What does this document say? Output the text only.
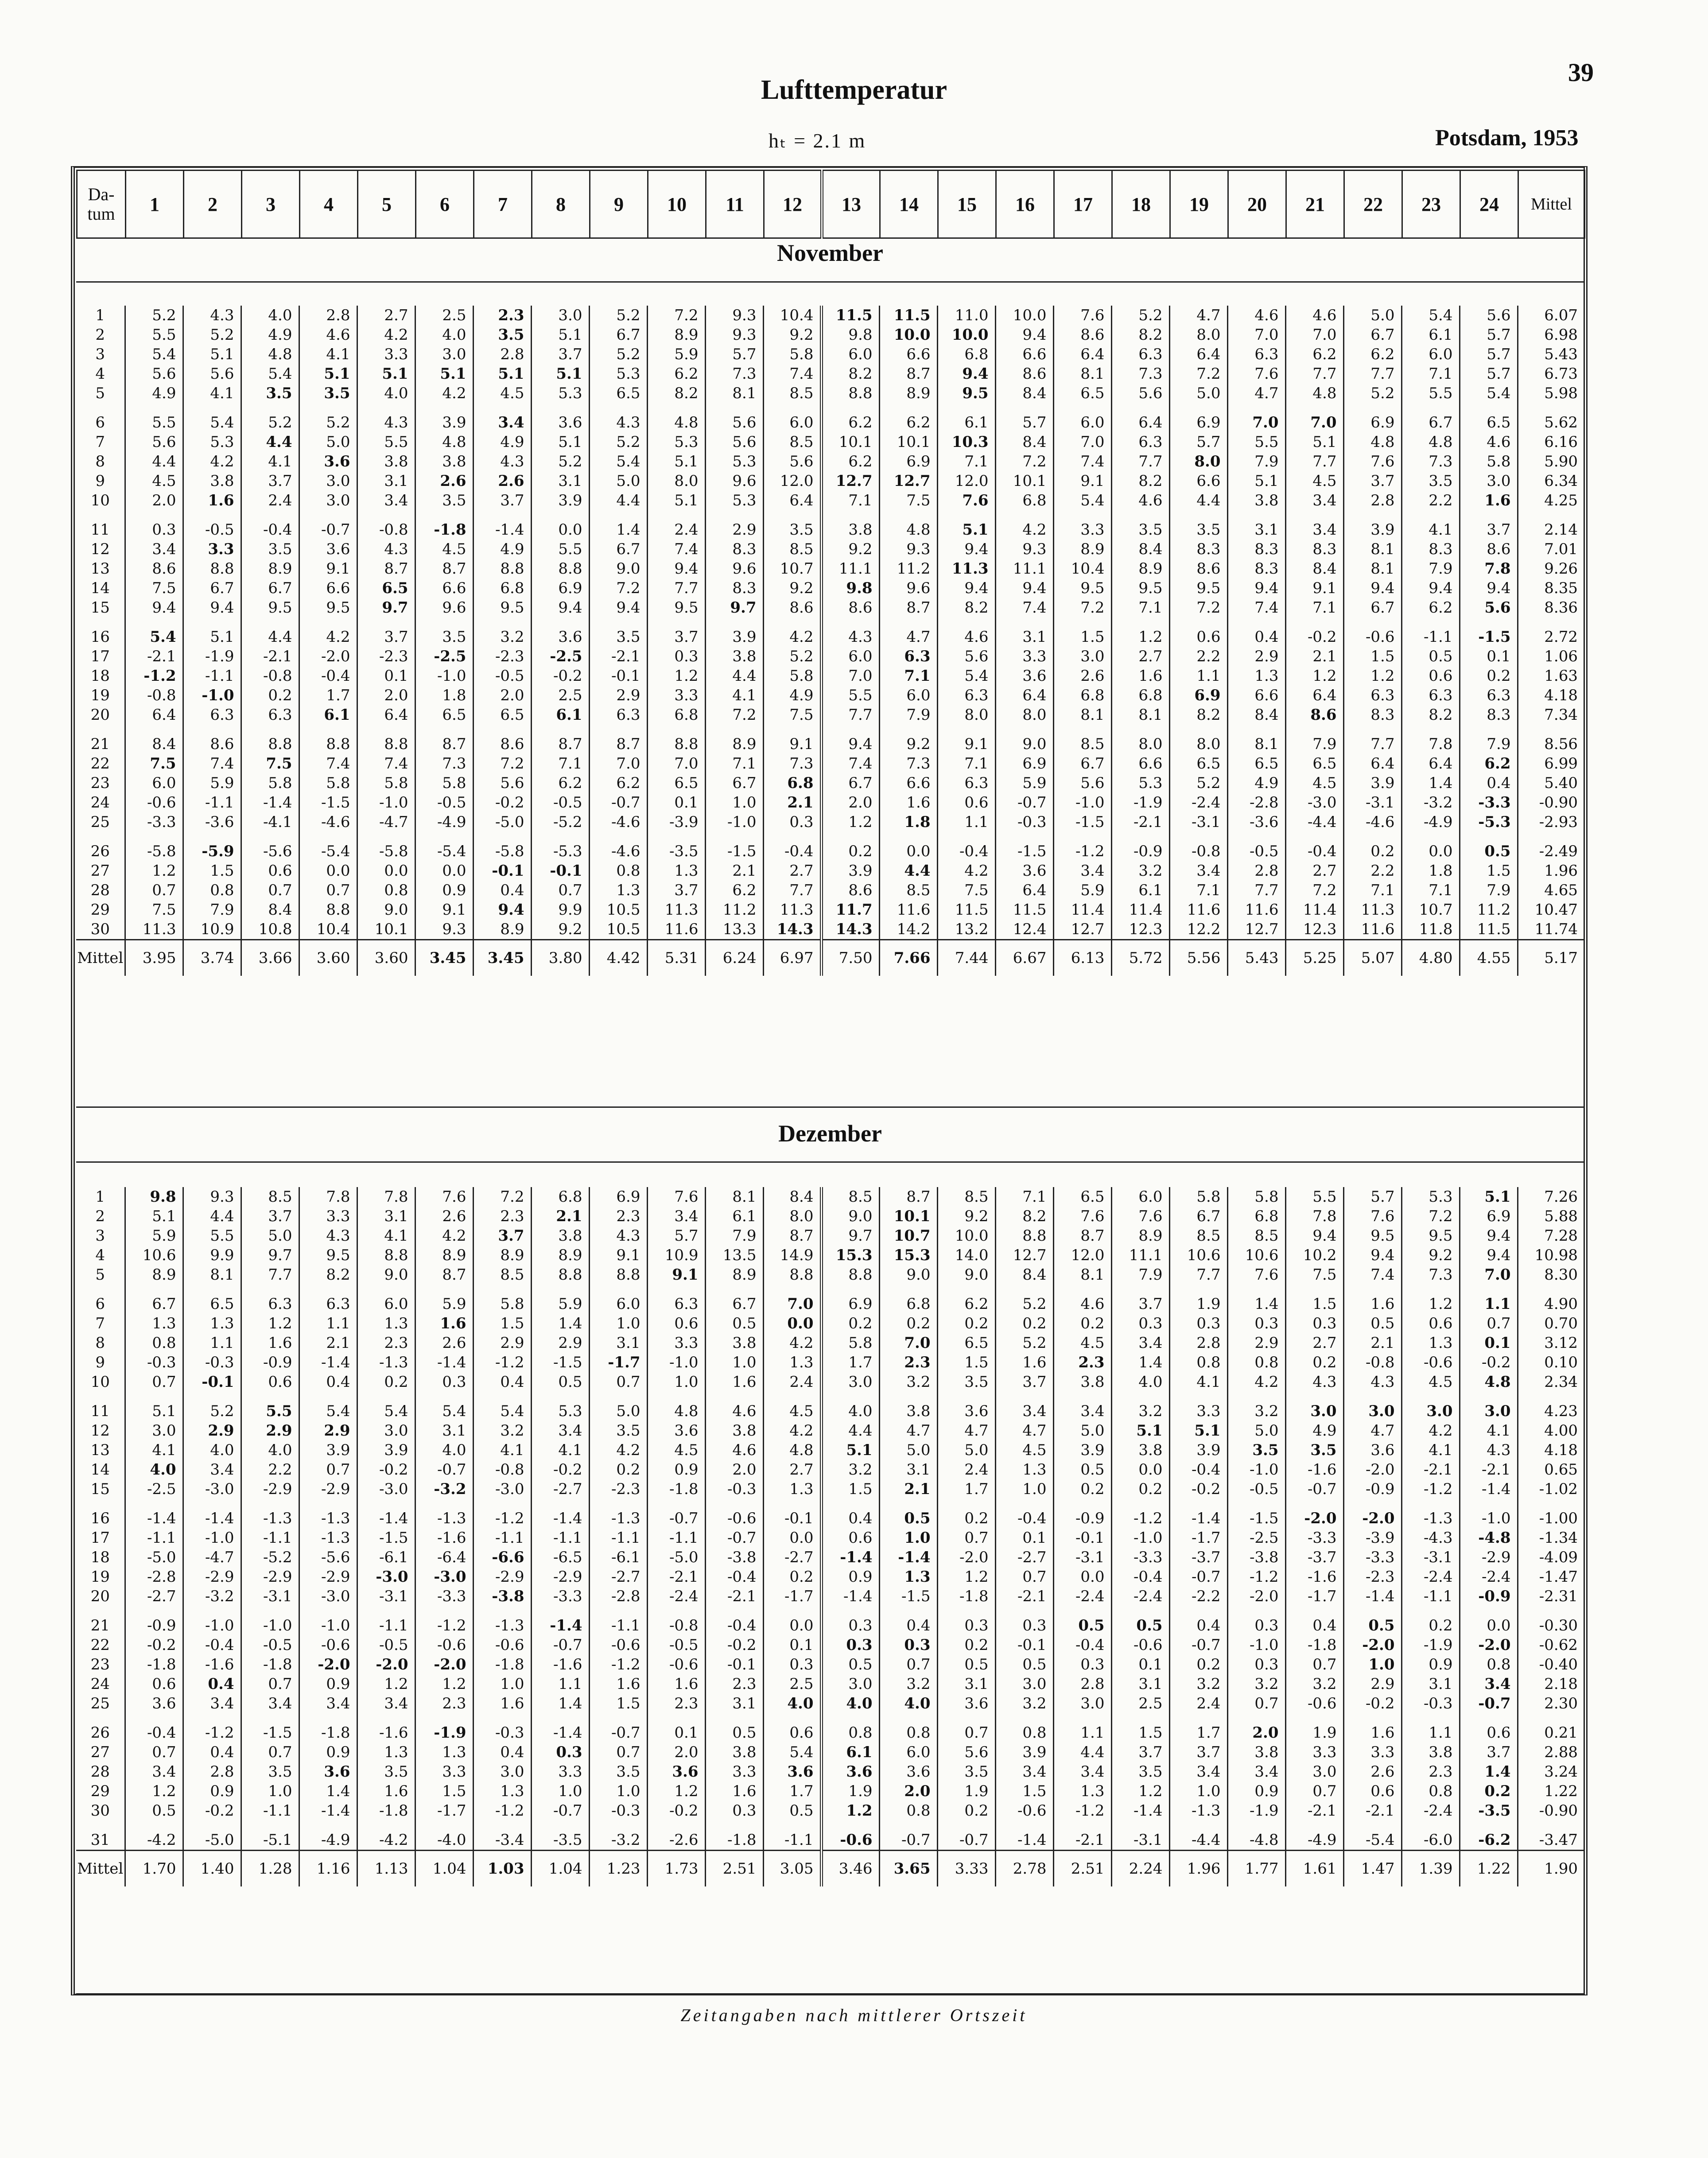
Lufttemperatur
39
hₜ = 2.1 m	Potsdam, 1953
Da-
tum	1	2	3	4	5	6	7	8	9	10	11	12	13	14	15	16	17	18	19	20	21	22	23	24	Mittel
November
1	5.2	4.3	4.0	2.8	2.7	2.5	2.3	3.0	5.2	7.2	9.3	10.4	11.5	11.5	11.0	10.0	7.6	5.2	4.7	4.6	4.6	5.0	5.4	5.6	6.07
2	5.5	5.2	4.9	4.6	4.2	4.0	3.5	5.1	6.7	8.9	9.3	9.2	9.8	10.0	10.0	9.4	8.6	8.2	8.0	7.0	7.0	6.7	6.1	5.7	6.98
3	5.4	5.1	4.8	4.1	3.3	3.0	2.8	3.7	5.2	5.9	5.7	5.8	6.0	6.6	6.8	6.6	6.4	6.3	6.4	6.3	6.2	6.2	6.0	5.7	5.43
4	5.6	5.6	5.4	5.1	5.1	5.1	5.1	5.1	5.3	6.2	7.3	7.4	8.2	8.7	9.4	8.6	8.1	7.3	7.2	7.6	7.7	7.7	7.1	5.7	6.73
5	4.9	4.1	3.5	3.5	4.0	4.2	4.5	5.3	6.5	8.2	8.1	8.5	8.8	8.9	9.5	8.4	6.5	5.6	5.0	4.7	4.8	5.2	5.5	5.4	5.98
6	5.5	5.4	5.2	5.2	4.3	3.9	3.4	3.6	4.3	4.8	5.6	6.0	6.2	6.2	6.1	5.7	6.0	6.4	6.9	7.0	7.0	6.9	6.7	6.5	5.62
7	5.6	5.3	4.4	5.0	5.5	4.8	4.9	5.1	5.2	5.3	5.6	8.5	10.1	10.1	10.3	8.4	7.0	6.3	5.7	5.5	5.1	4.8	4.8	4.6	6.16
8	4.4	4.2	4.1	3.6	3.8	3.8	4.3	5.2	5.4	5.1	5.3	5.6	6.2	6.9	7.1	7.2	7.4	7.7	8.0	7.9	7.7	7.6	7.3	5.8	5.90
9	4.5	3.8	3.7	3.0	3.1	2.6	2.6	3.1	5.0	8.0	9.6	12.0	12.7	12.7	12.0	10.1	9.1	8.2	6.6	5.1	4.5	3.7	3.5	3.0	6.34
10	2.0	1.6	2.4	3.0	3.4	3.5	3.7	3.9	4.4	5.1	5.3	6.4	7.1	7.5	7.6	6.8	5.4	4.6	4.4	3.8	3.4	2.8	2.2	1.6	4.25
11	0.3	-0.5	-0.4	-0.7	-0.8	-1.8	-1.4	0.0	1.4	2.4	2.9	3.5	3.8	4.8	5.1	4.2	3.3	3.5	3.5	3.1	3.4	3.9	4.1	3.7	2.14
12	3.4	3.3	3.5	3.6	4.3	4.5	4.9	5.5	6.7	7.4	8.3	8.5	9.2	9.3	9.4	9.3	8.9	8.4	8.3	8.3	8.3	8.1	8.3	8.6	7.01
13	8.6	8.8	8.9	9.1	8.7	8.7	8.8	8.8	9.0	9.4	9.6	10.7	11.1	11.2	11.3	11.1	10.4	8.9	8.6	8.3	8.4	8.1	7.9	7.8	9.26
14	7.5	6.7	6.7	6.6	6.5	6.6	6.8	6.9	7.2	7.7	8.3	9.2	9.8	9.6	9.4	9.4	9.5	9.5	9.5	9.4	9.1	9.4	9.4	9.4	8.35
15	9.4	9.4	9.5	9.5	9.7	9.6	9.5	9.4	9.4	9.5	9.7	8.6	8.6	8.7	8.2	7.4	7.2	7.1	7.2	7.4	7.1	6.7	6.2	5.6	8.36
16	5.4	5.1	4.4	4.2	3.7	3.5	3.2	3.6	3.5	3.7	3.9	4.2	4.3	4.7	4.6	3.1	1.5	1.2	0.6	0.4	-0.2	-0.6	-1.1	-1.5	2.72
17	-2.1	-1.9	-2.1	-2.0	-2.3	-2.5	-2.3	-2.5	-2.1	0.3	3.8	5.2	6.0	6.3	5.6	3.3	3.0	2.7	2.2	2.9	2.1	1.5	0.5	0.1	1.06
18	-1.2	-1.1	-0.8	-0.4	0.1	-1.0	-0.5	-0.2	-0.1	1.2	4.4	5.8	7.0	7.1	5.4	3.6	2.6	1.6	1.1	1.3	1.2	1.2	0.6	0.2	1.63
19	-0.8	-1.0	0.2	1.7	2.0	1.8	2.0	2.5	2.9	3.3	4.1	4.9	5.5	6.0	6.3	6.4	6.8	6.8	6.9	6.6	6.4	6.3	6.3	6.3	4.18
20	6.4	6.3	6.3	6.1	6.4	6.5	6.5	6.1	6.3	6.8	7.2	7.5	7.7	7.9	8.0	8.0	8.1	8.1	8.2	8.4	8.6	8.3	8.2	8.3	7.34
21	8.4	8.6	8.8	8.8	8.8	8.7	8.6	8.7	8.7	8.8	8.9	9.1	9.4	9.2	9.1	9.0	8.5	8.0	8.0	8.1	7.9	7.7	7.8	7.9	8.56
22	7.5	7.4	7.5	7.4	7.4	7.3	7.2	7.1	7.0	7.0	7.1	7.3	7.4	7.3	7.1	6.9	6.7	6.6	6.5	6.5	6.5	6.4	6.4	6.2	6.99
23	6.0	5.9	5.8	5.8	5.8	5.8	5.6	6.2	6.2	6.5	6.7	6.8	6.7	6.6	6.3	5.9	5.6	5.3	5.2	4.9	4.5	3.9	1.4	0.4	5.40
24	-0.6	-1.1	-1.4	-1.5	-1.0	-0.5	-0.2	-0.5	-0.7	0.1	1.0	2.1	2.0	1.6	0.6	-0.7	-1.0	-1.9	-2.4	-2.8	-3.0	-3.1	-3.2	-3.3	-0.90
25	-3.3	-3.6	-4.1	-4.6	-4.7	-4.9	-5.0	-5.2	-4.6	-3.9	-1.0	0.3	1.2	1.8	1.1	-0.3	-1.5	-2.1	-3.1	-3.6	-4.4	-4.6	-4.9	-5.3	-2.93
26	-5.8	-5.9	-5.6	-5.4	-5.8	-5.4	-5.8	-5.3	-4.6	-3.5	-1.5	-0.4	0.2	0.0	-0.4	-1.5	-1.2	-0.9	-0.8	-0.5	-0.4	0.2	0.0	0.5	-2.49
27	1.2	1.5	0.6	0.0	0.0	0.0	-0.1	-0.1	0.8	1.3	2.1	2.7	3.9	4.4	4.2	3.6	3.4	3.2	3.4	2.8	2.7	2.2	1.8	1.5	1.96
28	0.7	0.8	0.7	0.7	0.8	0.9	0.4	0.7	1.3	3.7	6.2	7.7	8.6	8.5	7.5	6.4	5.9	6.1	7.1	7.7	7.2	7.1	7.1	7.9	4.65
29	7.5	7.9	8.4	8.8	9.0	9.1	9.4	9.9	10.5	11.3	11.2	11.3	11.7	11.6	11.5	11.5	11.4	11.4	11.6	11.6	11.4	11.3	10.7	11.2	10.47
30	11.3	10.9	10.8	10.4	10.1	9.3	8.9	9.2	10.5	11.6	13.3	14.3	14.3	14.2	13.2	12.4	12.7	12.3	12.2	12.7	12.3	11.6	11.8	11.5	11.74
Mittel	3.95	3.74	3.66	3.60	3.60	3.45	3.45	3.80	4.42	5.31	6.24	6.97	7.50	7.66	7.44	6.67	6.13	5.72	5.56	5.43	5.25	5.07	4.80	4.55	5.17
Dezember
1	9.8	9.3	8.5	7.8	7.8	7.6	7.2	6.8	6.9	7.6	8.1	8.4	8.5	8.7	8.5	7.1	6.5	6.0	5.8	5.8	5.5	5.7	5.3	5.1	7.26
2	5.1	4.4	3.7	3.3	3.1	2.6	2.3	2.1	2.3	3.4	6.1	8.0	9.0	10.1	9.2	8.2	7.6	7.6	6.7	6.8	7.8	7.6	7.2	6.9	5.88
3	5.9	5.5	5.0	4.3	4.1	4.2	3.7	3.8	4.3	5.7	7.9	8.7	9.7	10.7	10.0	8.8	8.7	8.9	8.5	8.5	9.4	9.5	9.5	9.4	7.28
4	10.6	9.9	9.7	9.5	8.8	8.9	8.9	8.9	9.1	10.9	13.5	14.9	15.3	15.3	14.0	12.7	12.0	11.1	10.6	10.6	10.2	9.4	9.2	9.4	10.98
5	8.9	8.1	7.7	8.2	9.0	8.7	8.5	8.8	8.8	9.1	8.9	8.8	8.8	9.0	9.0	8.4	8.1	7.9	7.7	7.6	7.5	7.4	7.3	7.0	8.30
6	6.7	6.5	6.3	6.3	6.0	5.9	5.8	5.9	6.0	6.3	6.7	7.0	6.9	6.8	6.2	5.2	4.6	3.7	1.9	1.4	1.5	1.6	1.2	1.1	4.90
7	1.3	1.3	1.2	1.1	1.3	1.6	1.5	1.4	1.0	0.6	0.5	0.0	0.2	0.2	0.2	0.2	0.2	0.3	0.3	0.3	0.3	0.5	0.6	0.7	0.70
8	0.8	1.1	1.6	2.1	2.3	2.6	2.9	2.9	3.1	3.3	3.8	4.2	5.8	7.0	6.5	5.2	4.5	3.4	2.8	2.9	2.7	2.1	1.3	0.1	3.12
9	-0.3	-0.3	-0.9	-1.4	-1.3	-1.4	-1.2	-1.5	-1.7	-1.0	1.0	1.3	1.7	2.3	1.5	1.6	2.3	1.4	0.8	0.8	0.2	-0.8	-0.6	-0.2	0.10
10	0.7	-0.1	0.6	0.4	0.2	0.3	0.4	0.5	0.7	1.0	1.6	2.4	3.0	3.2	3.5	3.7	3.8	4.0	4.1	4.2	4.3	4.3	4.5	4.8	2.34
11	5.1	5.2	5.5	5.4	5.4	5.4	5.4	5.3	5.0	4.8	4.6	4.5	4.0	3.8	3.6	3.4	3.4	3.2	3.3	3.2	3.0	3.0	3.0	3.0	4.23
12	3.0	2.9	2.9	2.9	3.0	3.1	3.2	3.4	3.5	3.6	3.8	4.2	4.4	4.7	4.7	4.7	5.0	5.1	5.1	5.0	4.9	4.7	4.2	4.1	4.00
13	4.1	4.0	4.0	3.9	3.9	4.0	4.1	4.1	4.2	4.5	4.6	4.8	5.1	5.0	5.0	4.5	3.9	3.8	3.9	3.5	3.5	3.6	4.1	4.3	4.18
14	4.0	3.4	2.2	0.7	-0.2	-0.7	-0.8	-0.2	0.2	0.9	2.0	2.7	3.2	3.1	2.4	1.3	0.5	0.0	-0.4	-1.0	-1.6	-2.0	-2.1	-2.1	0.65
15	-2.5	-3.0	-2.9	-2.9	-3.0	-3.2	-3.0	-2.7	-2.3	-1.8	-0.3	1.3	1.5	2.1	1.7	1.0	0.2	0.2	-0.2	-0.5	-0.7	-0.9	-1.2	-1.4	-1.02
16	-1.4	-1.4	-1.3	-1.3	-1.4	-1.3	-1.2	-1.4	-1.3	-0.7	-0.6	-0.1	0.4	0.5	0.2	-0.4	-0.9	-1.2	-1.4	-1.5	-2.0	-2.0	-1.3	-1.0	-1.00
17	-1.1	-1.0	-1.1	-1.3	-1.5	-1.6	-1.1	-1.1	-1.1	-1.1	-0.7	0.0	0.6	1.0	0.7	0.1	-0.1	-1.0	-1.7	-2.5	-3.3	-3.9	-4.3	-4.8	-1.34
18	-5.0	-4.7	-5.2	-5.6	-6.1	-6.4	-6.6	-6.5	-6.1	-5.0	-3.8	-2.7	-1.4	-1.4	-2.0	-2.7	-3.1	-3.3	-3.7	-3.8	-3.7	-3.3	-3.1	-2.9	-4.09
19	-2.8	-2.9	-2.9	-2.9	-3.0	-3.0	-2.9	-2.9	-2.7	-2.1	-0.4	0.2	0.9	1.3	1.2	0.7	0.0	-0.4	-0.7	-1.2	-1.6	-2.3	-2.4	-2.4	-1.47
20	-2.7	-3.2	-3.1	-3.0	-3.1	-3.3	-3.8	-3.3	-2.8	-2.4	-2.1	-1.7	-1.4	-1.5	-1.8	-2.1	-2.4	-2.4	-2.2	-2.0	-1.7	-1.4	-1.1	-0.9	-2.31
21	-0.9	-1.0	-1.0	-1.0	-1.1	-1.2	-1.3	-1.4	-1.1	-0.8	-0.4	0.0	0.3	0.4	0.3	0.3	0.5	0.5	0.4	0.3	0.4	0.5	0.2	0.0	-0.30
22	-0.2	-0.4	-0.5	-0.6	-0.5	-0.6	-0.6	-0.7	-0.6	-0.5	-0.2	0.1	0.3	0.3	0.2	-0.1	-0.4	-0.6	-0.7	-1.0	-1.8	-2.0	-1.9	-2.0	-0.62
23	-1.8	-1.6	-1.8	-2.0	-2.0	-2.0	-1.8	-1.6	-1.2	-0.6	-0.1	0.3	0.5	0.7	0.5	0.5	0.3	0.1	0.2	0.3	0.7	1.0	0.9	0.8	-0.40
24	0.6	0.4	0.7	0.9	1.2	1.2	1.0	1.1	1.6	1.6	2.3	2.5	3.0	3.2	3.1	3.0	2.8	3.1	3.2	3.2	3.2	2.9	3.1	3.4	2.18
25	3.6	3.4	3.4	3.4	3.4	2.3	1.6	1.4	1.5	2.3	3.1	4.0	4.0	4.0	3.6	3.2	3.0	2.5	2.4	0.7	-0.6	-0.2	-0.3	-0.7	2.30
26	-0.4	-1.2	-1.5	-1.8	-1.6	-1.9	-0.3	-1.4	-0.7	0.1	0.5	0.6	0.8	0.8	0.7	0.8	1.1	1.5	1.7	2.0	1.9	1.6	1.1	0.6	0.21
27	0.7	0.4	0.7	0.9	1.3	1.3	0.4	0.3	0.7	2.0	3.8	5.4	6.1	6.0	5.6	3.9	4.4	3.7	3.7	3.8	3.3	3.3	3.8	3.7	2.88
28	3.4	2.8	3.5	3.6	3.5	3.3	3.0	3.3	3.5	3.6	3.3	3.6	3.6	3.6	3.5	3.4	3.4	3.5	3.4	3.4	3.0	2.6	2.3	1.4	3.24
29	1.2	0.9	1.0	1.4	1.6	1.5	1.3	1.0	1.0	1.2	1.6	1.7	1.9	2.0	1.9	1.5	1.3	1.2	1.0	0.9	0.7	0.6	0.8	0.2	1.22
30	0.5	-0.2	-1.1	-1.4	-1.8	-1.7	-1.2	-0.7	-0.3	-0.2	0.3	0.5	1.2	0.8	0.2	-0.6	-1.2	-1.4	-1.3	-1.9	-2.1	-2.1	-2.4	-3.5	-0.90
31	-4.2	-5.0	-5.1	-4.9	-4.2	-4.0	-3.4	-3.5	-3.2	-2.6	-1.8	-1.1	-0.6	-0.7	-0.7	-1.4	-2.1	-3.1	-4.4	-4.8	-4.9	-5.4	-6.0	-6.2	-3.47
Mittel	1.70	1.40	1.28	1.16	1.13	1.04	1.03	1.04	1.23	1.73	2.51	3.05	3.46	3.65	3.33	2.78	2.51	2.24	1.96	1.77	1.61	1.47	1.39	1.22	1.90
Zeitangaben nach mittlerer Ortszeit
